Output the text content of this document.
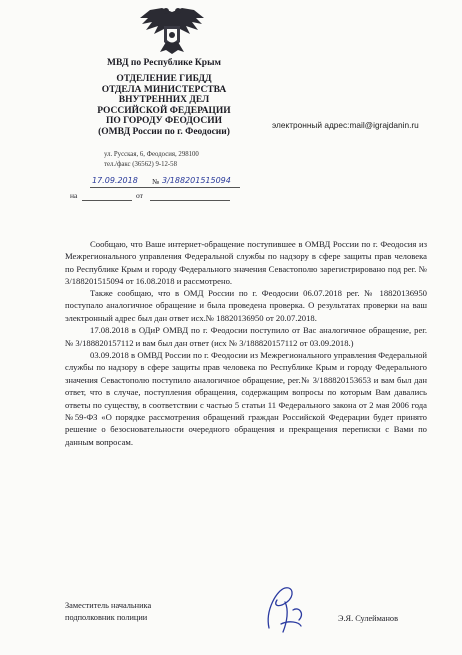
МВД по Республике Крым
ОТДЕЛЕНИЕ ГИБДД
ОТДЕЛА МИНИСТЕРСТВА
ВНУТРЕННИХ ДЕЛ
РОССИЙСКОЙ ФЕДЕРАЦИИ
ПО ГОРОДУ ФЕОДОСИИ
(ОМВД России по г. Феодосии)
ул. Русская, 6, Феодосия, 298100
тел./факс (36562) 9-12-58
17.09.2018 № 3/188201515094
на	от
электронный адрес:mail@igrajdanin.ru
Сообщаю, что Ваше интернет-обращение поступившее в ОМВД России по г. Феодосия из Межрегионального управления Федеральной службы по надзору в сфере защиты прав человека по Республике Крым и городу Федерального значения Севастополю зарегистрировано под рег. № 3/188201515094 от 16.08.2018 и рассмотрено.
Также сообщаю, что в ОМД России по г. Феодосии 06.07.2018 рег. № 18820136950 поступало аналогичное обращение и была проведена проверка. О результатах проверки на ваш электронный адрес был дан ответ исх.№ 18820136950 от 20.07.2018.
17.08.2018 в ОДиР ОМВД по г. Феодосии поступило от Вас аналогичное обращение, рег. № 3/188820157112 и вам был дан ответ (исх № 3/188820157112 от 03.09.2018.)
03.09.2018 в ОМВД России по г. Феодосии из Межрегионального управления Федеральной службы по надзору в сфере защиты прав человека по Республике Крым и городу Федерального значения Севастополю поступило аналогичное обращение, рег.№ 3/188820153653 и вам был дан ответ, что в случае, поступления обращения, содержащим вопросы по которым Вам давались ответы по существу, в соответствии с частью 5 статьи 11 Федерального закона от 2 мая 2006 года №59-ФЗ «О порядке рассмотрения обращений граждан Российской Федерации будет принято решение о безосновательности очередного обращения и прекращения переписки с Вами по данным вопросам.
Заместитель начальника
подполковник полиции	Э.Я. Сулейманов
